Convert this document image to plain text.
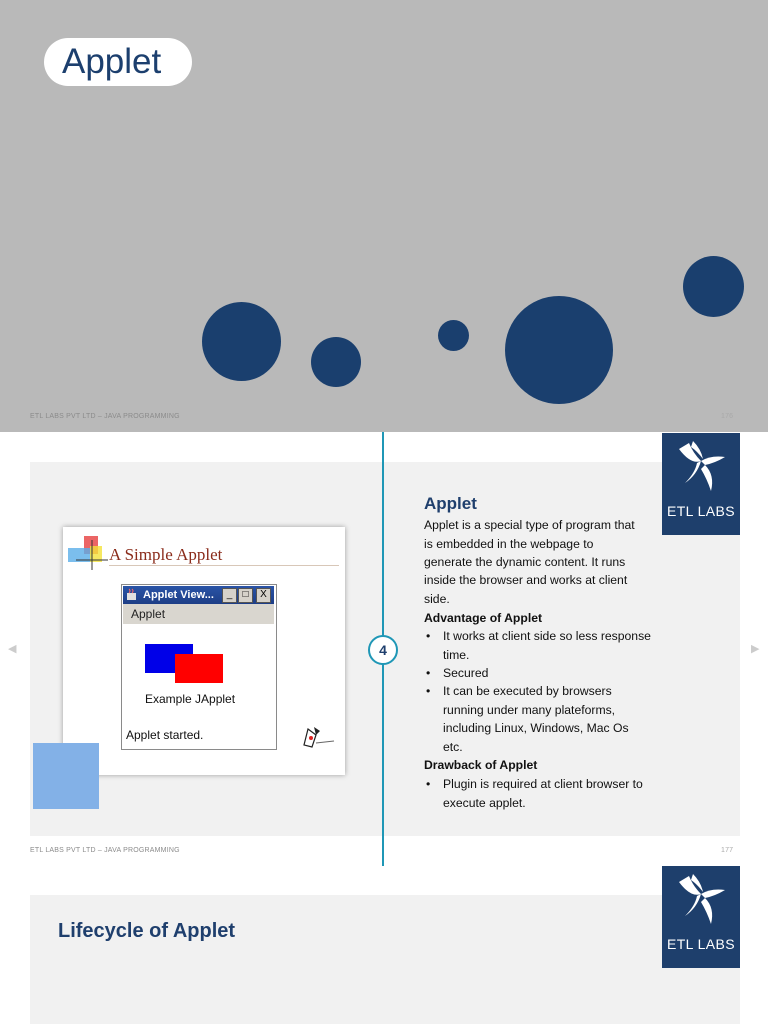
Applet
ETL LABS PVT LTD – JAVA PROGRAMMING	176
ETL LABS
A Simple Applet
Applet View...	_	□	X
Applet
Example JApplet
Applet started.
4
Applet
Applet is a special type of program that
is embedded in the webpage to
generate the dynamic content. It runs
inside the browser and works at client
side.
Advantage of Applet
• It works at client side so less response
time.
• Secured
• It can be executed by browsers
running under many plateforms,
including Linux, Windows, Mac Os
etc.
Drawback of Applet
• Plugin is required at client browser to
execute applet.
◀	▶
ETL LABS PVT LTD – JAVA PROGRAMMING	177
Lifecycle of Applet
ETL LABS
